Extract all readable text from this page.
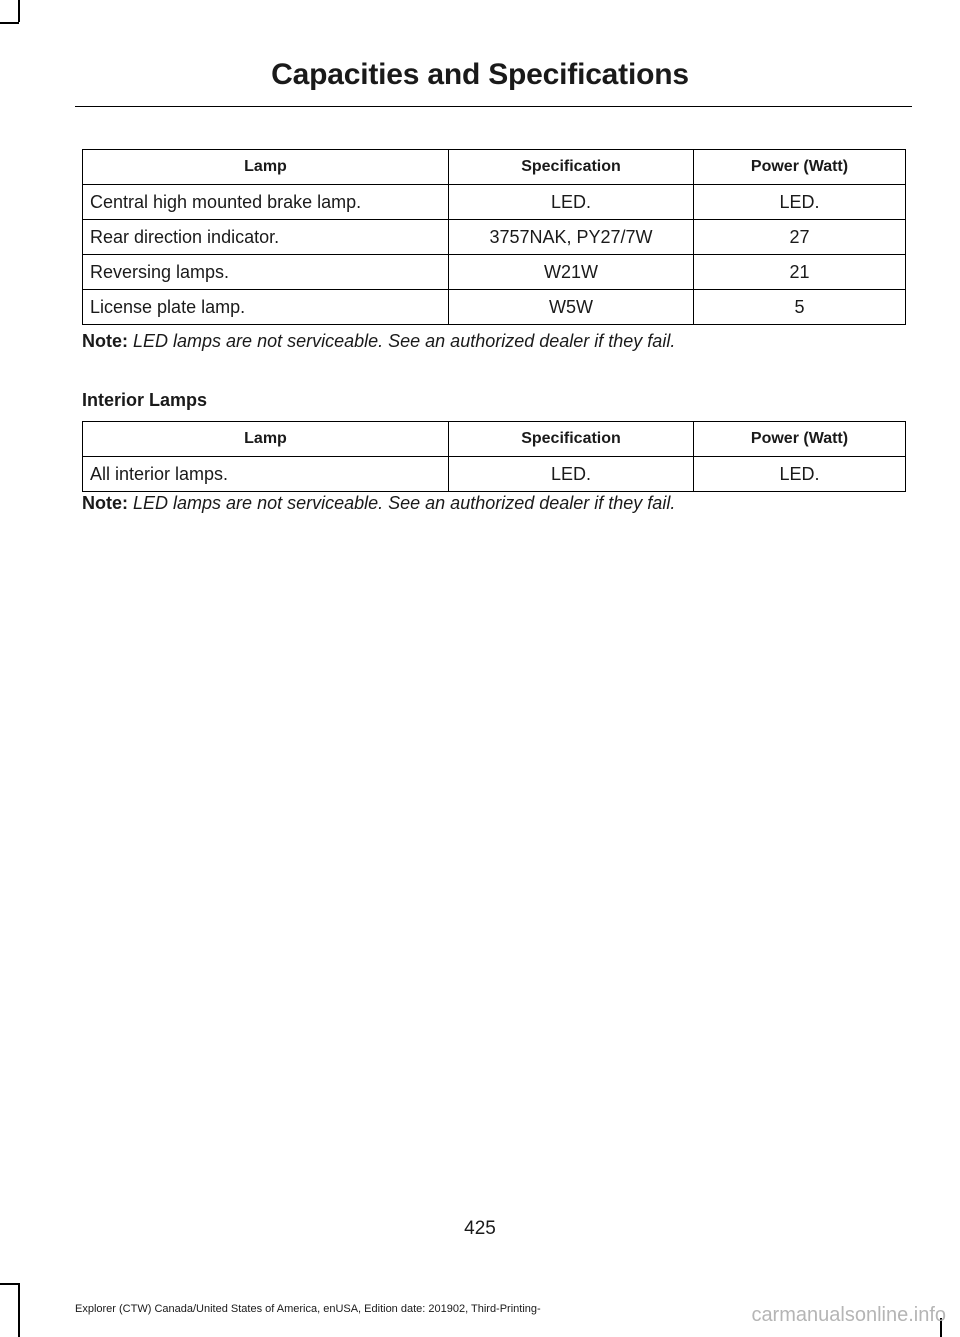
Capacities and Specifications
Lamp	Specification	Power (Watt)
Central high mounted brake lamp.	LED.	LED.
Rear direction indicator.	3757NAK, PY27/7W	27
Reversing lamps.	W21W	21
License plate lamp.	W5W	5
Note: LED lamps are not serviceable. See an authorized dealer if they fail.
Interior Lamps
Lamp	Specification	Power (Watt)
All interior lamps.	LED.	LED.
Note: LED lamps are not serviceable. See an authorized dealer if they fail.
425
Explorer (CTW) Canada/United States of America, enUSA, Edition date: 201902, Third-Printing-	carmanualsonline.info
